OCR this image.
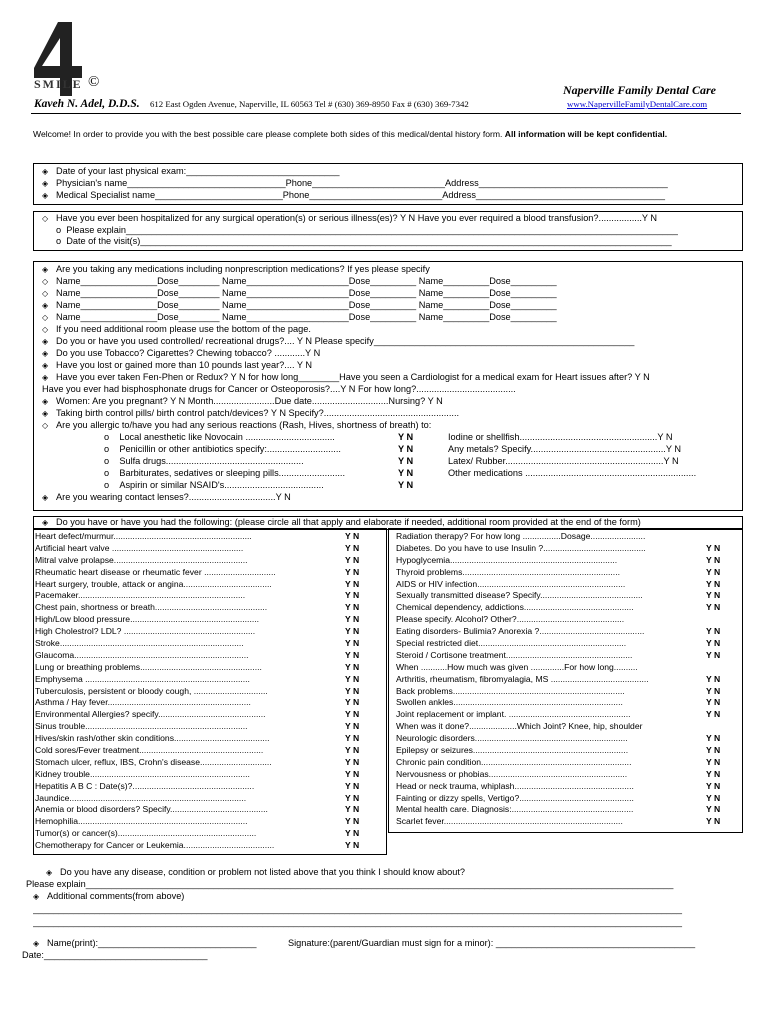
SMILE ©
Kaveh N. Adel, D.D.S. 612 East Ogden Avenue, Naperville, IL 60563 Tel # (630) 369-8950 Fax # (630) 369-7342
Naperville Family Dental Care
www.NapervilleFamilyDentalCare.com
Welcome! In order to provide you with the best possible care please complete both sides of this medical/dental history form. All information will be kept confidential.
◈ Date of your last physical exam:______________________________
◈ Physician's name_______________________________Phone__________________________Address_____________________________________
◈ Medical Specialist name_________________________Phone__________________________Address_____________________________________
◇ Have you ever been hospitalized for any surgical operation(s) or serious illness(es)? Y N Have you ever required a blood transfusion?.................Y N
o  Please explain____________________________________________________________________________________________________________
o  Date of the visit(s)________________________________________________________________________________________________________
◈ Are you taking any medications including nonprescription medications? If yes please specify
◇ Name_______________Dose________ Name____________________Dose_________ Name_________Dose_________
◇ Name_______________Dose________ Name____________________Dose_________ Name_________Dose_________
◈ Name_______________Dose________ Name____________________Dose_________ Name_________Dose_________
◇ Name_______________Dose________ Name____________________Dose_________ Name_________Dose_________
◇ If you need additional room please use the bottom of the page.
◈ Do you or have you used controlled/ recreational drugs?.... Y N Please specify___________________________________________________
◈ Do you use Tobacco? Cigarettes? Chewing tobacco? ............Y N
◈ Have you lost or gained more than 10 pounds last year?.... Y N
◈ Have you ever taken Fen-Phen or Redux? Y N for how long________Have you seen a Cardiologist for a medical exam for Heart issues after? Y N
Have you ever had bisphosphonate drugs for Cancer or Osteoporosis?....Y N For how long?.......................................
◈ Women: Are you pregnant? Y N Month........................Due date..............................Nursing? Y N
◈ Taking birth control pills/ birth control patch/devices? Y N Specify?.....................................................
◇ Are you allergic to/have you had any serious reactions (Rash, Hives, shortness of breath) to:
o    Local anesthetic like Novocain ...................................
o    Penicillin or other antibiotics specify:.............................
o    Sulfa drugs......................................................
o    Barbiturates, sedatives or sleeping pills..........................
o    Aspirin or similar NSAID's.......................................
Y N
Y N
Y N
Y N
Y N
Iodine or shellfish......................................................Y N
Any metals? Specify.....................................................Y N
Latex/ Rubber..............................................................Y N
Other medications ...................................................................
◈ Are you wearing contact lenses?..................................Y N
◈ Do you have or have you had the following: (please circle all that apply and elaborate if needed, additional room provided at the end of the form)
Heart defect/murmur..........................................................
Artificial heart valve .......................................................
Mitral valve prolapse........................................................
Rheumatic heart disease or rheumatic fever ..............................
Heart surgery, trouble, attack or angina.....................................
Pacemaker......................................................................
Chest pain, shortness or breath...............................................
High/Low blood pressure......................................................
High Cholestrol? LDL? .......................................................
Stroke.............................................................................
Glaucoma.........................................................................
Lung or breathing problems...................................................
Emphysema .....................................................................
Tuberculosis, persistent or bloody cough, ...............................
Asthma / Hay fever............................................................
Environmental Allergies? specify.............................................
Sinus trouble....................................................................
Hives/skin rash/other skin conditions........................................
Cold sores/Fever treatment....................................................
Stomach ulcer, reflux, IBS, Crohn's disease..............................
Kidney trouble...................................................................
Hepatitis A B C : Date(s)?...................................................
Jaundice..........................................................................
Anemia or blood disorders? Specify.........................................
Hemophilia.......................................................................
Tumor(s) or cancer(s)..........................................................
Chemotherapy for Cancer or Leukemia......................................
Y N
Y N
Y N
Y N
Y N
Y N
Y N
Y N
Y N
Y N
Y N
Y N
Y N
Y N
Y N
Y N
Y N
Y N
Y N
Y N
Y N
Y N
Y N
Y N
Y N
Y N
Y N
Radiation therapy? For how long ................Dosage.......................
Diabetes. Do you have to use Insulin ?...........................................
Hypoglycemia......................................................................
Thyroid problems..................................................................
AIDS or HIV infection..............................................................
Sexually transmitted disease? Specify...........................................
Chemical dependency, addictions..............................................
Please specify. Alcohol? Other?.............................................
Eating disorders- Bulimia? Anorexia ?............................................
Special restricted diet..............................................................
Steroid / Cortisone treatment.....................................................
When ...........How much was given ..............For how long..........
Arthritis, rheumatism, fibromyalagia, MS .........................................
Back problems........................................................................
Swollen ankles.......................................................................
Joint replacement or implant. ...................................................
When was it done?....................Which Joint? Knee, hip, shoulder
Neurologic disorders................................................................
Epilepsy or seizures.................................................................
Chronic pain condition...............................................................
Nervousness or phobias..........................................................
Head or neck trauma, whiplash..................................................
Fainting or dizzy spells, Vertigo?................................................
Mental health care. Diagnosis:...................................................
Scarlet fever...........................................................................
Y N
Y N
Y N
Y N
Y N
Y N
Y N
Y N
Y N
Y N
Y N
Y N
Y N
Y N
Y N
Y N
Y N
Y N
Y N
Y N
Y N
◈ Do you have any disease, condition or problem not listed above that you think I should know about?
Please explain___________________________________________________________________________________________________________________
◈ Additional comments(from above)
_______________________________________________________________________________________________________________________________
_______________________________________________________________________________________________________________________________
◈ Name(print):_______________________________	Signature:(parent/Guardian must sign for a minor): _______________________________________
Date:________________________________
